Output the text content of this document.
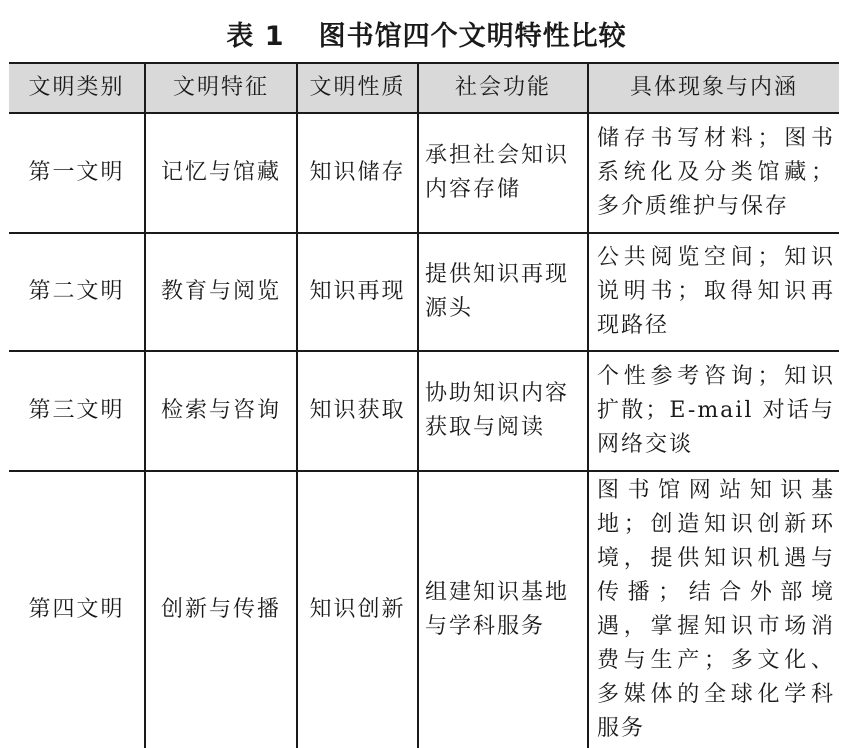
表 1 图书馆四个文明特性比较
文明类别	文明特征	文明性质	社会功能	具体现象与内涵
第一文明	记忆与馆藏	知识储存	承担社会知识内容存储	储存书写材料；图书系统化及分类馆藏；多介质维护与保存
第二文明	教育与阅览	知识再现	提供知识再现源头	公共阅览空间；知识说明书；取得知识再现路径
第三文明	检索与咨询	知识获取	协助知识内容获取与阅读	个性参考咨询；知识扩散；E-mail 对话与网络交谈
第四文明	创新与传播	知识创新	组建知识基地与学科服务	图书馆网站知识基地；创造知识创新环境，提供知识机遇与传播；结合外部境遇，掌握知识市场消费与生产；多文化、多媒体的全球化学科服务
